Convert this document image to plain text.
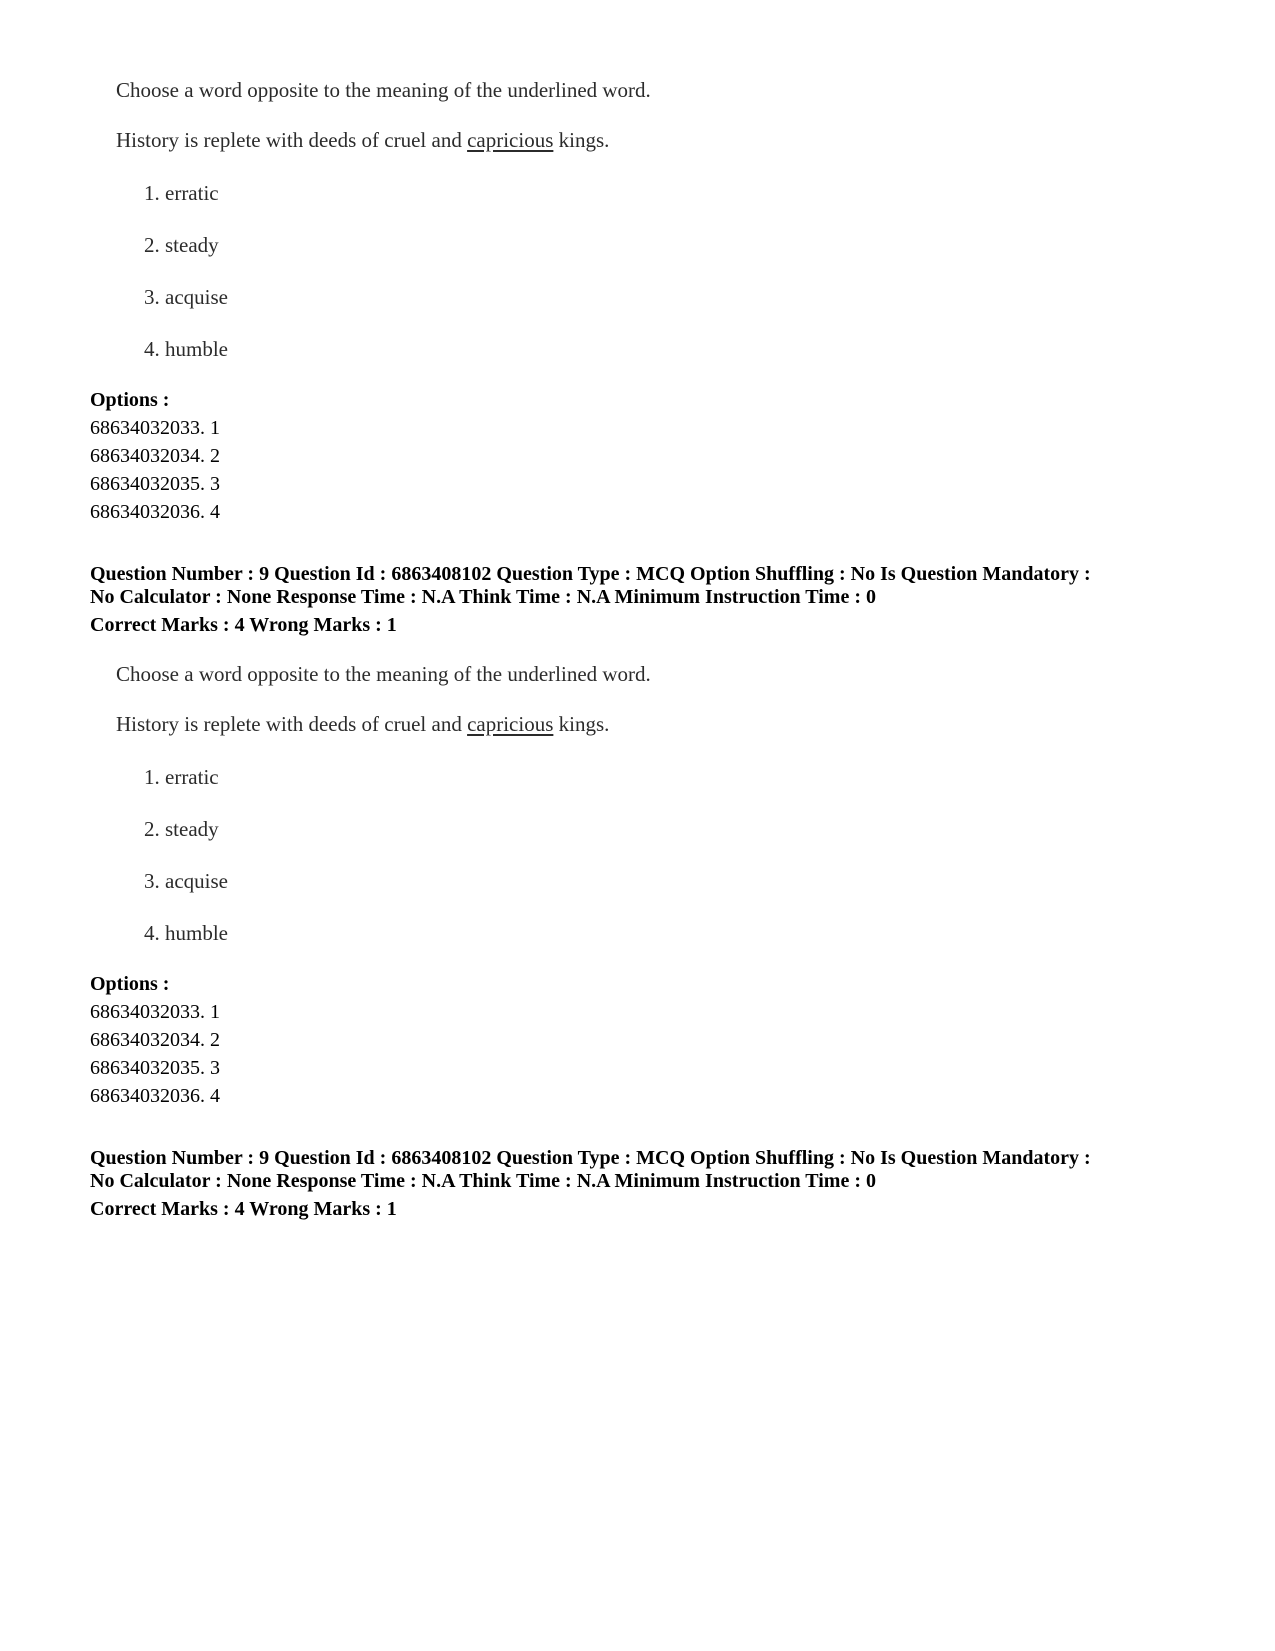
Choose a word opposite to the meaning of the underlined word.
History is replete with deeds of cruel and capricious kings.
1. erratic
2. steady
3. acquise
4. humble
Options :
68634032033. 1
68634032034. 2
68634032035. 3
68634032036. 4
Question Number : 9 Question Id : 6863408102 Question Type : MCQ Option Shuffling : No Is Question Mandatory :
No Calculator : None Response Time : N.A Think Time : N.A Minimum Instruction Time : 0
Correct Marks : 4 Wrong Marks : 1
Choose a word opposite to the meaning of the underlined word.
History is replete with deeds of cruel and capricious kings.
1. erratic
2. steady
3. acquise
4. humble
Options :
68634032033. 1
68634032034. 2
68634032035. 3
68634032036. 4
Question Number : 9 Question Id : 6863408102 Question Type : MCQ Option Shuffling : No Is Question Mandatory :
No Calculator : None Response Time : N.A Think Time : N.A Minimum Instruction Time : 0
Correct Marks : 4 Wrong Marks : 1
